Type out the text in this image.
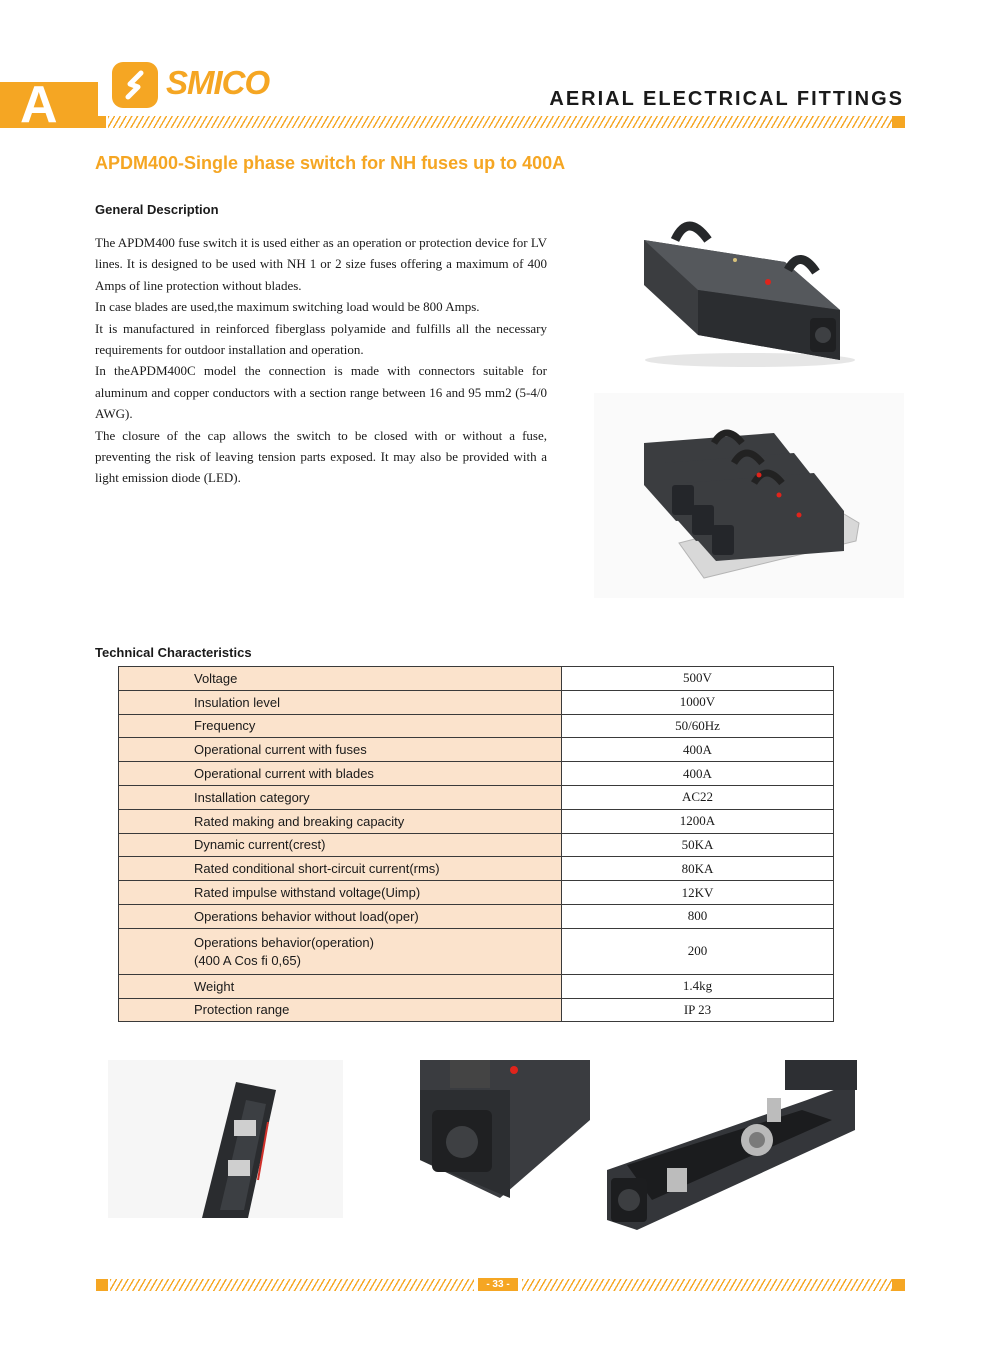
A	SMICO	AERIAL ELECTRICAL FITTINGS
APDM400-Single phase switch for NH fuses up to 400A
General Description

The APDM400 fuse switch it is used either as an operation or protection device for LV lines. It is designed to be used with NH 1 or 2 size fuses offering a maximum of 400 Amps of line protection without blades.

In case blades are used,the maximum switching load would be 800 Amps.

It is manufactured in reinforced fiberglass polyamide and fulfills all the necessary requirements for outdoor installation and operation.

In theAPDM400C model the connection is made with connectors suitable for aluminum and copper conductors with a section range between 16 and 95 mm2 (5-4/0 AWG).

The closure of the cap allows the switch to be closed with or without a fuse, preventing the risk of leaving tension parts exposed. It may also be provided with a light emission diode (LED).

Technical Characteristics
Voltage	500V
Insulation level	1000V
Frequency	50/60Hz
Operational current with fuses	400A
Operational current with blades	400A
Installation category	AC22
Rated making and breaking capacity	1200A
Dynamic current(crest)	50KA
Rated conditional short-circuit current(rms)	80KA
Rated impulse withstand voltage(Uimp)	12KV
Operations behavior without load(oper)	800

Operations behavior(operation)
(400 A Cos fi 0,65)	200
Weight	1.4kg
Protection range	IP 23
- 33 -
